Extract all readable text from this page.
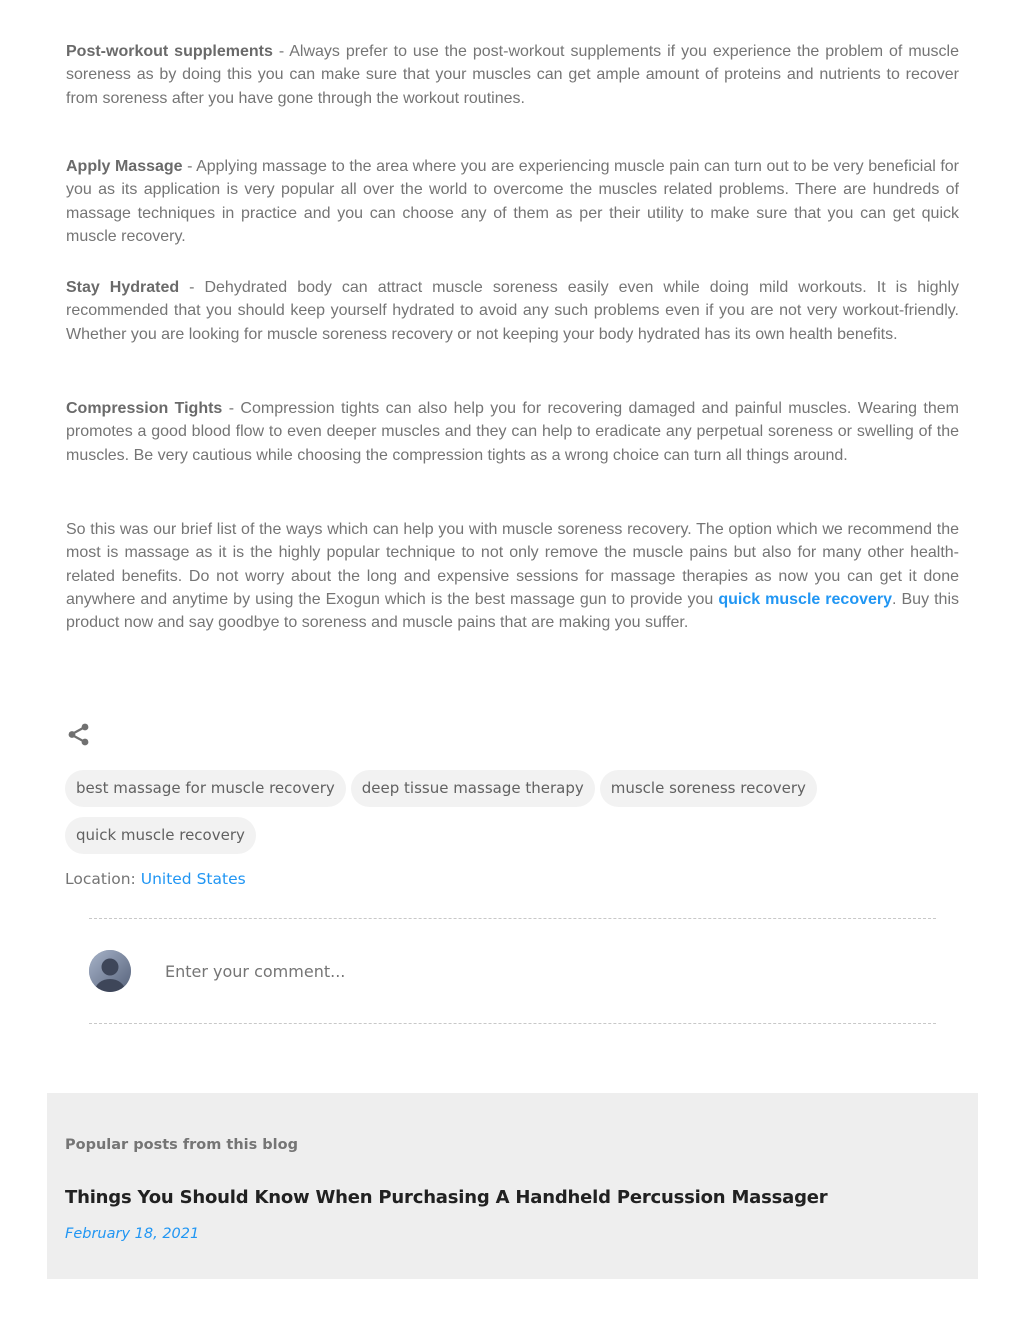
Post-workout supplements - Always prefer to use the post-workout supplements if you experience the problem of muscle soreness as by doing this you can make sure that your muscles can get ample amount of proteins and nutrients to recover from soreness after you have gone through the workout routines.

Apply Massage - Applying massage to the area where you are experiencing muscle pain can turn out to be very beneficial for you as its application is very popular all over the world to overcome the muscles related problems. There are hundreds of massage techniques in practice and you can choose any of them as per their utility to make sure that you can get quick muscle recovery.

Stay Hydrated - Dehydrated body can attract muscle soreness easily even while doing mild workouts. It is highly recommended that you should keep yourself hydrated to avoid any such problems even if you are not very workout-friendly. Whether you are looking for muscle soreness recovery or not keeping your body hydrated has its own health benefits.

Compression Tights - Compression tights can also help you for recovering damaged and painful muscles. Wearing them promotes a good blood flow to even deeper muscles and they can help to eradicate any perpetual soreness or swelling of the muscles. Be very cautious while choosing the compression tights as a wrong choice can turn all things around.

So this was our brief list of the ways which can help you with muscle soreness recovery. The option which we recommend the most is massage as it is the highly popular technique to not only remove the muscle pains but also for many other health-related benefits. Do not worry about the long and expensive sessions for massage therapies as now you can get it done anywhere and anytime by using the Exogun which is the best massage gun to provide you quick muscle recovery. Buy this product now and say goodbye to soreness and muscle pains that are making you suffer.

best massage for muscle recovery deep tissue massage therapy muscle soreness recovery
quick muscle recovery
Location: United States
Enter your comment...
Popular posts from this blog
Things You Should Know When Purchasing A Handheld Percussion Massager
February 18, 2021
